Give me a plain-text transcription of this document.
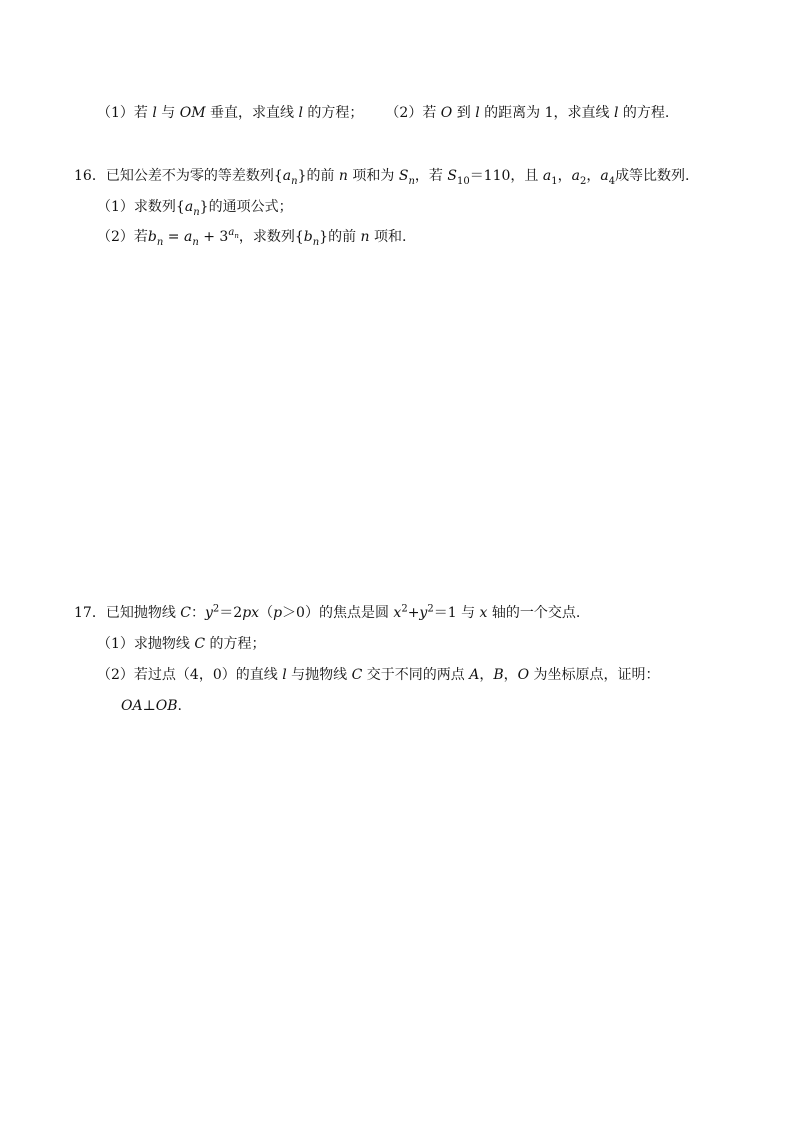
（1）若 l 与 OM 垂直，求直线 l 的方程； （2）若 O 到 l 的距离为 1，求直线 l 的方程.
16．已知公差不为零的等差数列$\{a_n\}$的前 n 项和为 $S_n$，若 $S_{10}=110$，且 $a_1$，$a_2$，$a_4$成等比数列.
（1）求数列$\{a_n\}$的通项公式；
（2）若$b_n = a_n + 3^{a_n}$，求数列$\{b_n\}$的前 n 项和.
17．已知抛物线 C：$y^2=2px(p>0)$的焦点是圆 $x^2+y^2=1$ 与 x 轴的一个交点.
（1）求抛物线 C 的方程；
（2）若过点（4，0）的直线 l 与抛物线 C 交于不同的两点 A，B，O 为坐标原点，证明：
OA⊥OB.
